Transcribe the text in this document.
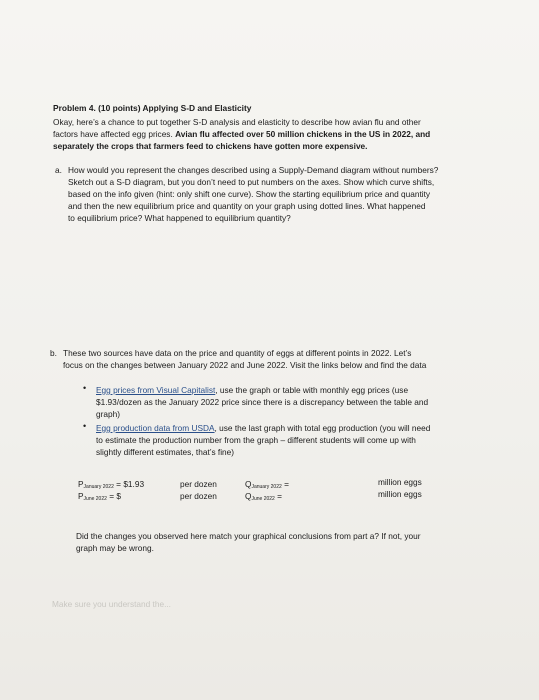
Problem 4. (10 points) Applying S-D and Elasticity
Okay, here’s a chance to put together S-D analysis and elasticity to describe how avian flu and other
factors have affected egg prices. Avian flu affected over 50 million chickens in the US in 2022, and
separately the crops that farmers feed to chickens have gotten more expensive.
a. How would you represent the changes described using a Supply-Demand diagram without numbers?
Sketch out a S-D diagram, but you don’t need to put numbers on the axes. Show which curve shifts,
based on the info given (hint: only shift one curve). Show the starting equilibrium price and quantity
and then the new equilibrium price and quantity on your graph using dotted lines. What happened
to equilibrium price? What happened to equilibrium quantity?
b. These two sources have data on the price and quantity of eggs at different points in 2022. Let’s
focus on the changes between January 2022 and June 2022. Visit the links below and find the data
• Egg prices from Visual Capitalist, use the graph or table with monthly egg prices (use
$1.93/dozen as the January 2022 price since there is a discrepancy between the table and
graph)
• Egg production data from USDA, use the last graph with total egg production (you will need
to estimate the production number from the graph – different students will come up with
slightly different estimates, that’s fine)
$P_{January 2022}$ = $1.93
$P_{June 2022}$ = $
per dozen
per dozen
$Q_{January 2022}$ =
$Q_{June 2022}$ =
million eggs
million eggs
Did the changes you observed here match your graphical conclusions from part a? If not, your
graph may be wrong.
Make sure you understand the...
